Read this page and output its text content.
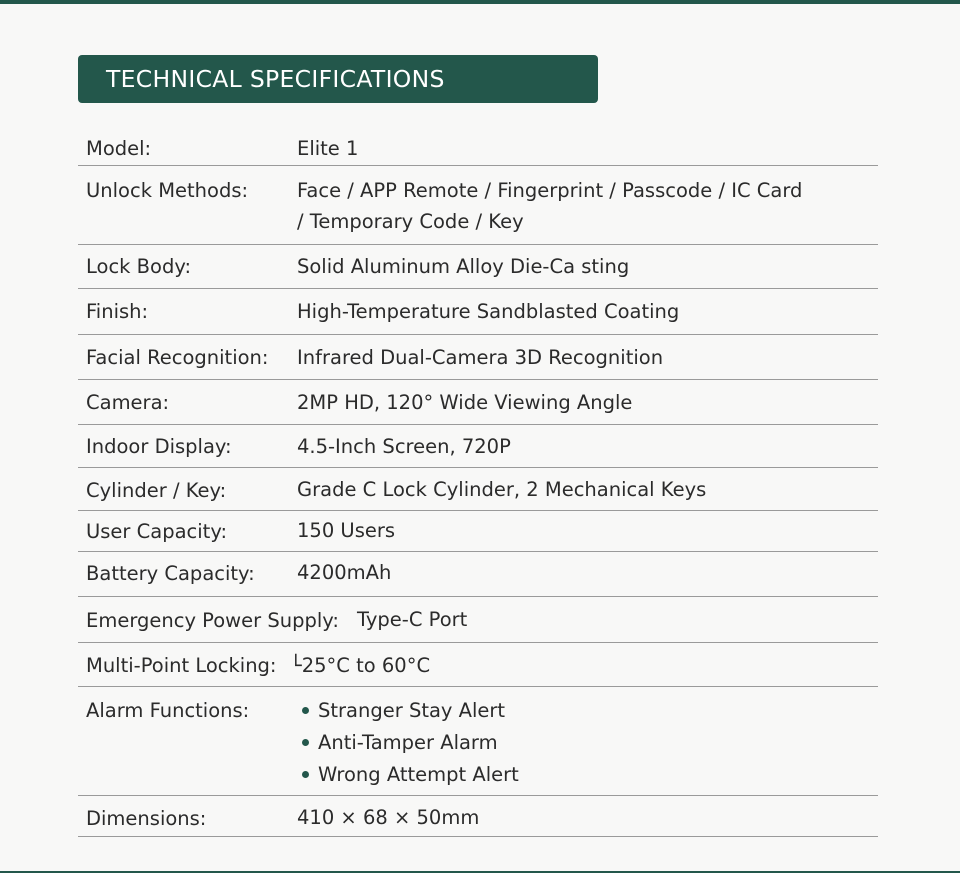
TECHNICAL SPECIFICATIONS
Model:	Elite 1
Unlock Methods:	Face / APP Remote / Fingerprint / Passcode / IC Card
/ Temporary Code / Key
Lock Body:	Solid Aluminum Alloy Die-Ca sting
Finish:	High-Temperature Sandblasted Coating
Facial Recognition: Infrared Dual-Camera 3D Recognition
Camera:	2MP HD, 120° Wide Viewing Angle
Indoor Display:	4.5-Inch Screen, 720P
Cylinder / Key:	Grade C Lock Cylinder, 2 Mechanical Keys
User Capacity:	150 Users
Battery Capacity: 4200mAh
Emergency Power Supply: Type-C Port
Multi-Point Locking: └25°C to 60°C
Alarm Functions:	Stranger Stay Alert
Anti-Tamper Alarm
Wrong Attempt Alert
Dimensions:	410 × 68 × 50mm
